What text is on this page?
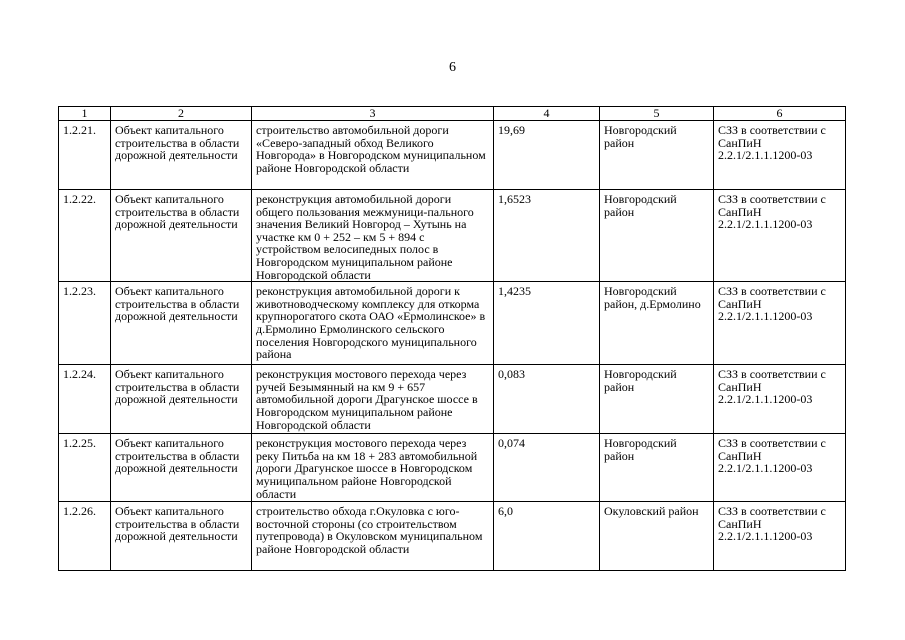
6
1	2	3	4	5	6
1.2.21.	Объект капитального строительства в области дорожной деятельности	строительство автомобильной дороги «Северо-западный обход Великого Новгорода» в Новгородском муниципальном районе Новгородской области	19,69	Новгородский район	СЗЗ в соответствии с СанПиН 2.2.1/2.1.1.1200-03
1.2.22.	Объект капитального строительства в области дорожной деятельности	реконструкция автомобильной дороги общего пользования межмуници-пального значения Великий Новгород – Хутынь на участке км 0 + 252 – км 5 + 894 с устройством велосипедных полос в Новгородском муниципальном районе Новгородской области	1,6523	Новгородский район	СЗЗ в соответствии с СанПиН 2.2.1/2.1.1.1200-03
1.2.23.	Объект капитального строительства в области дорожной деятельности	реконструкция автомобильной дороги к животноводческому комплексу для откорма крупнорогатого скота ОАО «Ермолинское» в д.Ермолино Ермолинского сельского поселения Новгородского муниципального района	1,4235	Новгородский район, д.Ермолино	СЗЗ в соответствии с СанПиН 2.2.1/2.1.1.1200-03
1.2.24.	Объект капитального строительства в области дорожной деятельности	реконструкция мостового перехода через ручей Безымянный на км 9 + 657 автомобильной дороги Драгунское шоссе в Новгородском муниципальном районе Новгородской области	0,083	Новгородский район	СЗЗ в соответствии с СанПиН 2.2.1/2.1.1.1200-03
1.2.25.	Объект капитального строительства в области дорожной деятельности	реконструкция мостового перехода через реку Питьба на км 18 + 283 автомобильной дороги Драгунское шоссе в Новгородском муниципальном районе Новгородской области	0,074	Новгородский район	СЗЗ в соответствии с СанПиН 2.2.1/2.1.1.1200-03
1.2.26.	Объект капитального строительства в области дорожной деятельности	строительство обхода г.Окуловка с юго-восточной стороны (со строительством путепровода) в Окуловском муниципальном районе Новгородской области	6,0	Окуловский район	СЗЗ в соответствии с СанПиН 2.2.1/2.1.1.1200-03
